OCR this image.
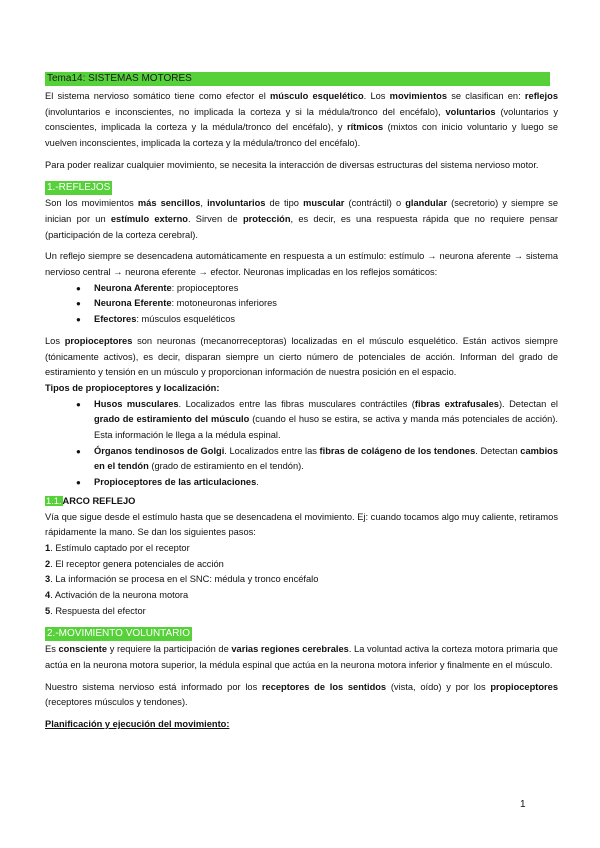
Tema14: SISTEMAS MOTORES

El sistema nervioso somático tiene como efector el músculo esquelético. Los movimientos se clasifican en: reflejos (involuntarios e inconscientes, no implicada la corteza y si la médula/tronco del encéfalo), voluntarios (voluntarios y conscientes, implicada la corteza y la médula/tronco del encéfalo), y rítmicos (mixtos con inicio voluntario y luego se vuelven inconscientes, implicada la corteza y la médula/tronco del encéfalo).

Para poder realizar cualquier movimiento, se necesita la interacción de diversas estructuras del sistema nervioso motor.

1.-REFLEJOS

Son los movimientos más sencillos, involuntarios de tipo muscular (contráctil) o glandular (secretorio) y siempre se inician por un estímulo externo. Sirven de protección, es decir, es una respuesta rápida que no requiere pensar (participación de la corteza cerebral).

Un reflejo siempre se desencadena automáticamente en respuesta a un estímulo: estímulo → neurona aferente → sistema nervioso central → neurona eferente → efector. Neuronas implicadas en los reflejos somáticos:

● Neurona Aferente: propioceptores
● Neurona Eferente: motoneuronas inferiores
● Efectores: músculos esqueléticos

Los propioceptores son neuronas (mecanorreceptoras) localizadas en el músculo esquelético. Están activos siempre (tónicamente activos), es decir, disparan siempre un cierto número de potenciales de acción. Informan del grado de estiramiento y tensión en un músculo y proporcionan información de nuestra posición en el espacio.

Tipos de propioceptores y localización:

● Husos musculares. Localizados entre las fibras musculares contráctiles (fibras extrafusales). Detectan el grado de estiramiento del músculo (cuando el huso se estira, se activa y manda más potenciales de acción). Esta información le llega a la médula espinal.
● Órganos tendinosos de Golgi. Localizados entre las fibras de colágeno de los tendones. Detectan cambios en el tendón (grado de estiramiento en el tendón).
● Propioceptores de las articulaciones.
1.1.ARCO REFLEJO

Vía que sigue desde el estímulo hasta que se desencadena el movimiento. Ej: cuando tocamos algo muy caliente, retiramos rápidamente la mano. Se dan los siguientes pasos:

1. Estímulo captado por el receptor

2. El receptor genera potenciales de acción

3. La información se procesa en el SNC: médula y tronco encéfalo

4. Activación de la neurona motora

5. Respuesta del efector

2.-MOVIMIENTO VOLUNTARIO

Es consciente y requiere la participación de varias regiones cerebrales. La voluntad activa la corteza motora primaria que actúa en la neurona motora superior, la médula espinal que actúa en la neurona motora inferior y finalmente en el músculo.

Nuestro sistema nervioso está informado por los receptores de los sentidos (vista, oído) y por los propioceptores (receptores músculos y tendones).

Planificación y ejecución del movimiento:

1
